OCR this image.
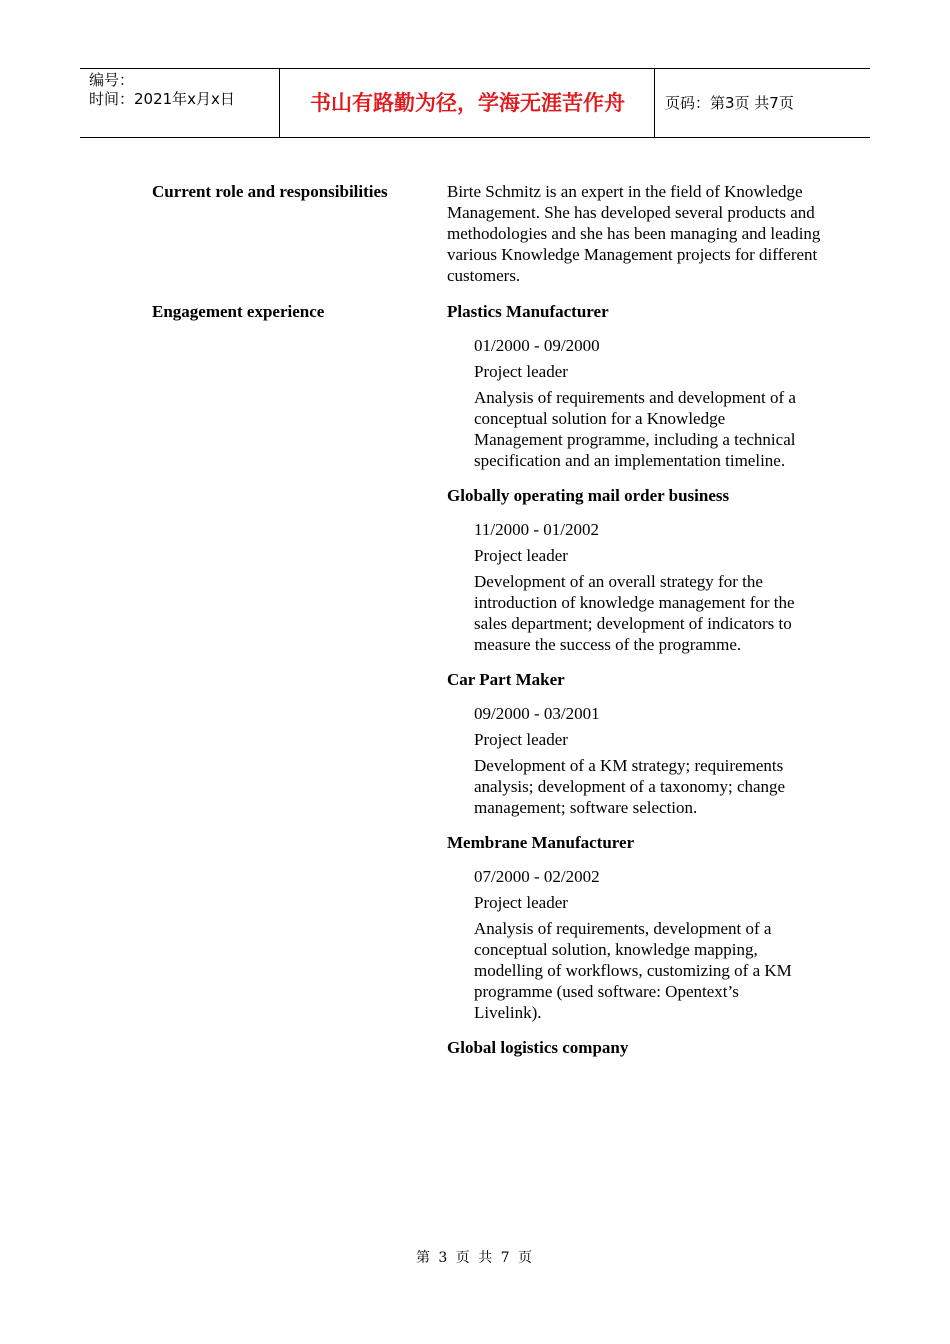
编号：
时间：2021年x月x日	书山有路勤为径，学海无涯苦作舟	页码：第3页 共7页
Current role and responsibilities	Birte Schmitz is an expert in the field of Knowledge Management. She has developed several products and methodologies and she has been managing and leading various Knowledge Management projects for different customers.
Engagement experience	Plastics Manufacturer
01/2000 - 09/2000
Project leader
Analysis of requirements and development of a conceptual solution for a Knowledge Management programme, including a technical specification and an implementation timeline.
Globally operating mail order business
11/2000 - 01/2002
Project leader
Development of an overall strategy for the introduction of knowledge management for the sales department; development of indicators to measure the success of the programme.
Car Part Maker
09/2000 - 03/2001
Project leader
Development of a KM strategy; requirements analysis; development of a taxonomy; change management; software selection.
Membrane Manufacturer
07/2000 - 02/2002
Project leader
Analysis of requirements, development of a conceptual solution, knowledge mapping, modelling of workflows, customizing of a KM programme (used software: Opentext’s Livelink).
Global logistics company
第 3 页 共 7 页
